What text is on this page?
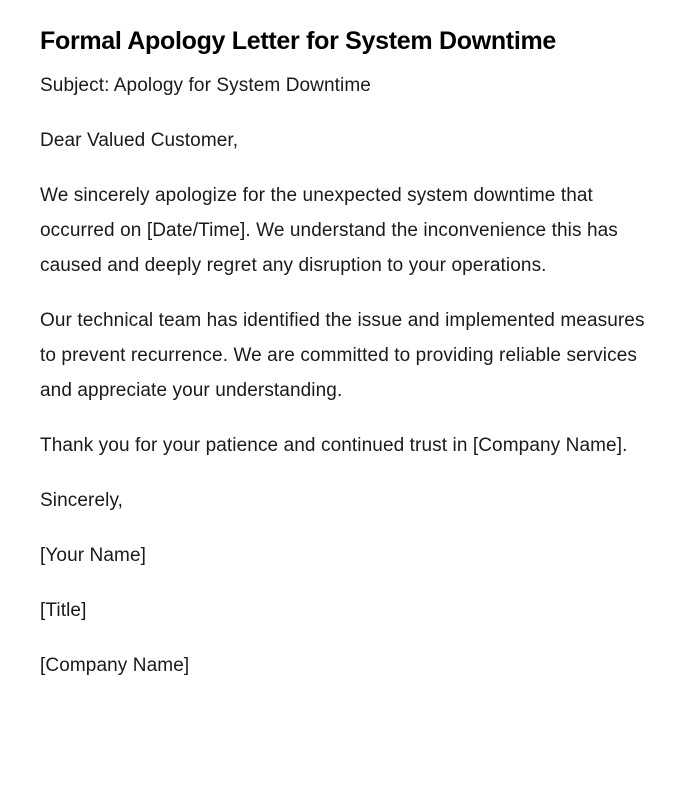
Formal Apology Letter for System Downtime

Subject: Apology for System Downtime

Dear Valued Customer,

We sincerely apologize for the unexpected system downtime that occurred on [Date/Time]. We understand the inconvenience this has caused and deeply regret any disruption to your operations.

Our technical team has identified the issue and implemented measures to prevent recurrence. We are committed to providing reliable services and appreciate your understanding.

Thank you for your patience and continued trust in [Company Name].

Sincerely,

[Your Name]

[Title]

[Company Name]
